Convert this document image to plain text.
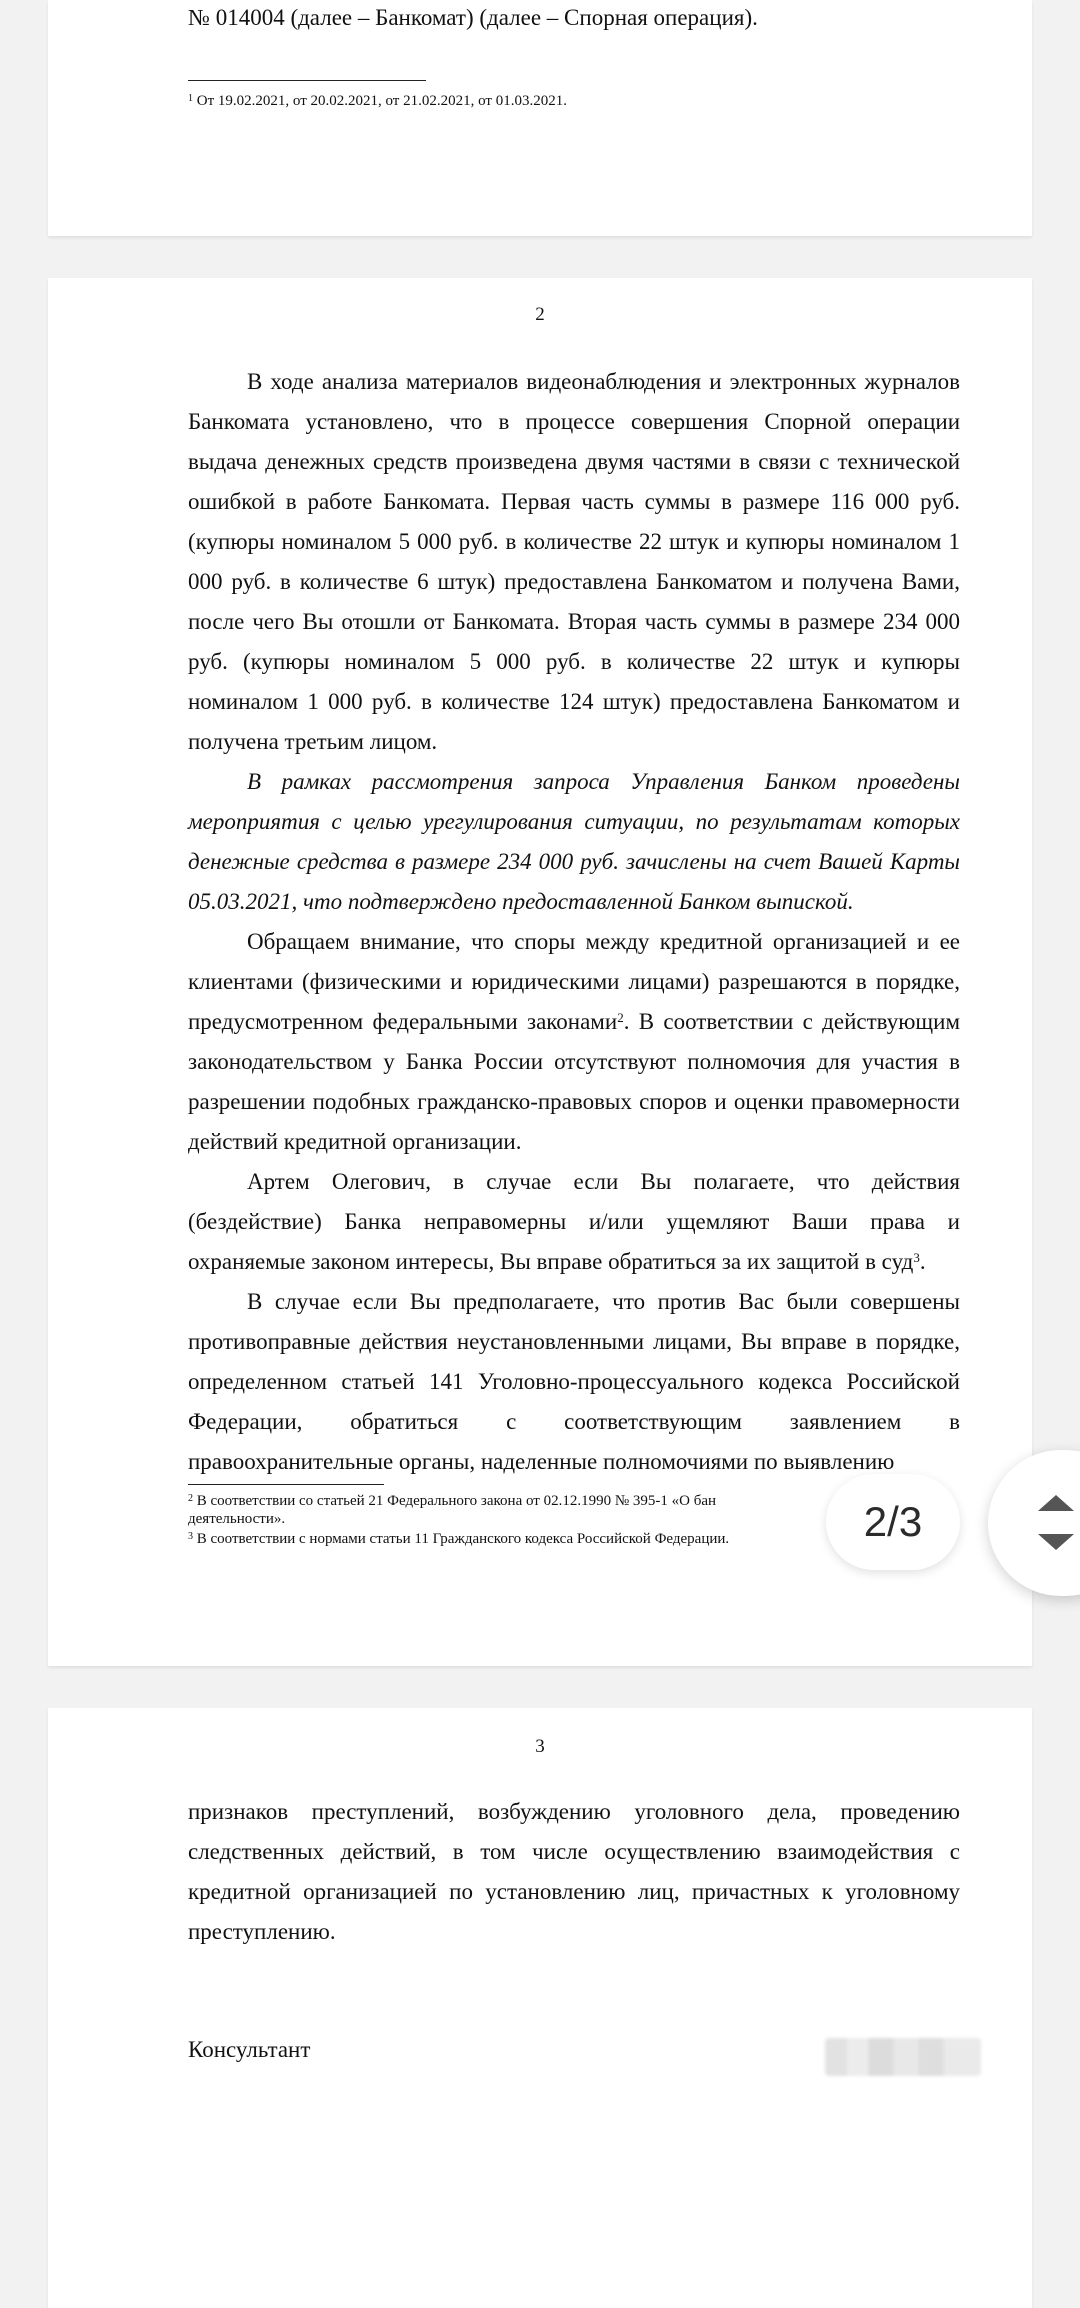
№ 014004 (далее – Банкомат) (далее – Спорная операция).
$^1$ От 19.02.2021, от 20.02.2021, от 21.02.2021, от 01.03.2021.
2

В ходе анализа материалов видеонаблюдения и электронных журналов Банкомата установлено, что в процессе совершения Спорной операции выдача денежных средств произведена двумя частями в связи с технической ошибкой в работе Банкомата. Первая часть суммы в размере 116 000 руб. (купюры номиналом 5 000 руб. в количестве 22 штук и купюры номиналом 1 000 руб. в количестве 6 штук) предоставлена Банкоматом и получена Вами, после чего Вы отошли от Банкомата. Вторая часть суммы в размере 234 000 руб. (купюры номиналом 5 000 руб. в количестве 22 штук и купюры номиналом 1 000 руб. в количестве 124 штук) предоставлена Банкоматом и получена третьим лицом.

В рамках рассмотрения запроса Управления Банком проведены мероприятия с целью урегулирования ситуации, по результатам которых денежные средства в размере 234 000 руб. зачислены на счет Вашей Карты 05.03.2021, что подтверждено предоставленной Банком выпиской.

Обращаем внимание, что споры между кредитной организацией и ее клиентами (физическими и юридическими лицами) разрешаются в порядке, предусмотренном федеральными законами$^2$. В соответствии с действующим законодательством у Банка России отсутствуют полномочия для участия в разрешении подобных гражданско-правовых споров и оценки правомерности действий кредитной организации.

Артем Олегович, в случае если Вы полагаете, что действия (бездействие) Банка неправомерны и/или ущемляют Ваши права и охраняемые законом интересы, Вы вправе обратиться за их защитой в суд$^3$.

В случае если Вы предполагаете, что против Вас были совершены противоправные действия неустановленными лицами, Вы вправе в порядке, определенном статьей 141 Уголовно-процессуального кодекса Российской Федерации, обратиться с соответствующим заявлением в правоохранительные органы, наделенные полномочиями по выявлению

$^2$ В соответствии со статьей 21 Федерального закона от 02.12.1990 № 395-1 «О бан
деятельности».
$^3$ В соответствии с нормами статьи 11 Гражданского кодекса Российской Федерации.
3

признаков преступлений, возбуждению уголовного дела, проведению следственных действий, в том числе осуществлению взаимодействия с кредитной организацией по установлению лиц, причастных к уголовному преступлению.

Консультант
2/3
